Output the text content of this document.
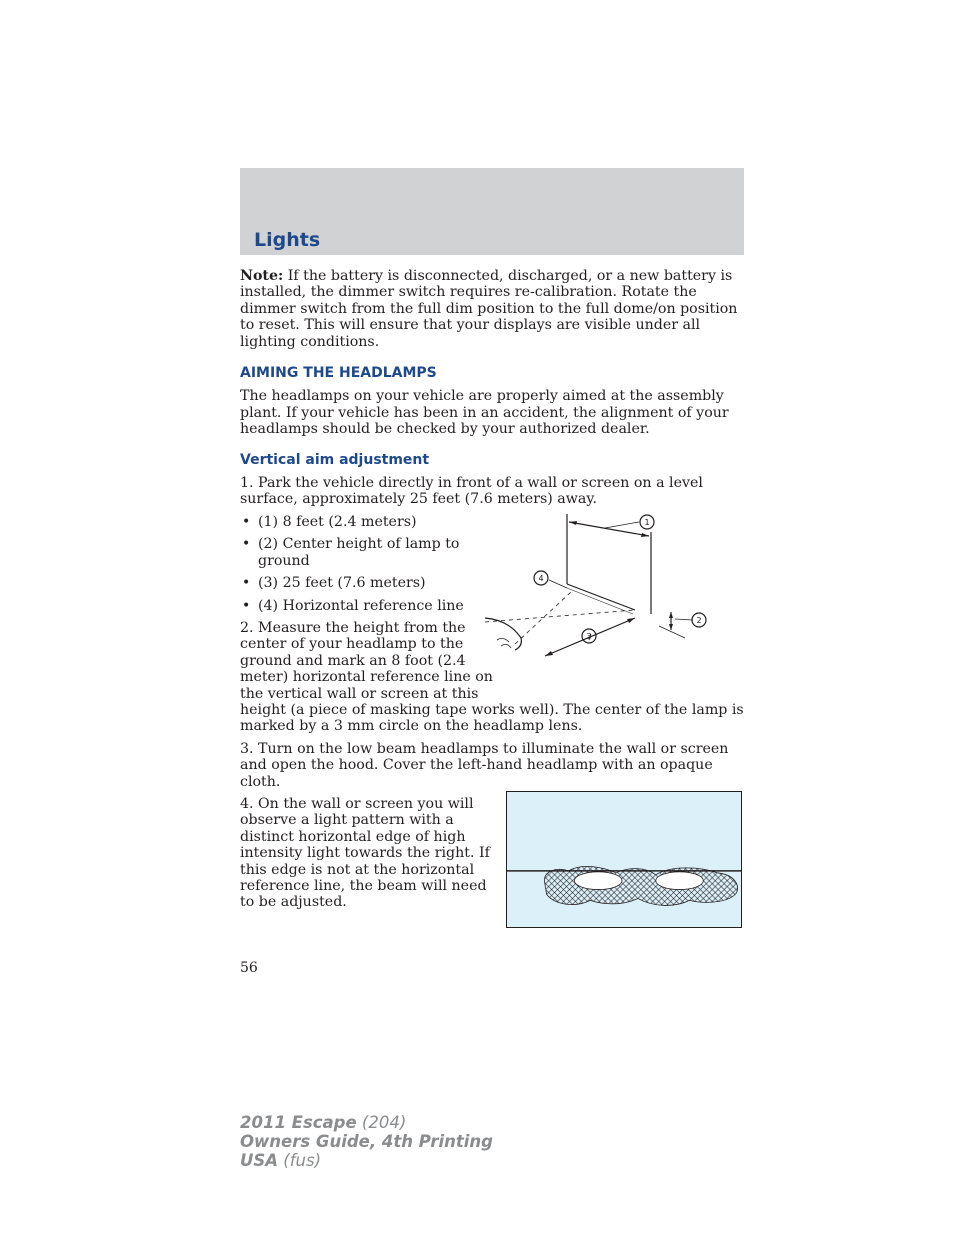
Lights

Note: If the battery is disconnected, discharged, or a new battery is installed, the dimmer switch requires re-calibration. Rotate the dimmer switch from the full dim position to the full dome/on position to reset. This will ensure that your displays are visible under all lighting conditions.

AIMING THE HEADLAMPS

The headlamps on your vehicle are properly aimed at the assembly plant. If your vehicle has been in an accident, the alignment of your headlamps should be checked by your authorized dealer.

Vertical aim adjustment

1. Park the vehicle directly in front of a wall or screen on a level surface, approximately 25 feet (7.6 meters) away.

1
2
3
4
• (1) 8 feet (2.4 meters)
• (2) Center height of lamp to ground
• (3) 25 feet (7.6 meters)
• (4) Horizontal reference line

2. Measure the height from the center of your headlamp to the ground and mark an 8 foot (2.4 meter) horizontal reference line on the vertical wall or screen at this

height (a piece of masking tape works well). The center of the lamp is marked by a 3 mm circle on the headlamp lens.

3. Turn on the low beam headlamps to illuminate the wall or screen and open the hood. Cover the left-hand headlamp with an opaque cloth.

4. On the wall or screen you will observe a light pattern with a distinct horizontal edge of high intensity light towards the right. If this edge is not at the horizontal reference line, the beam will need to be adjusted.

56
2011 Escape (204)
Owners Guide, 4th Printing
USA (fus)
